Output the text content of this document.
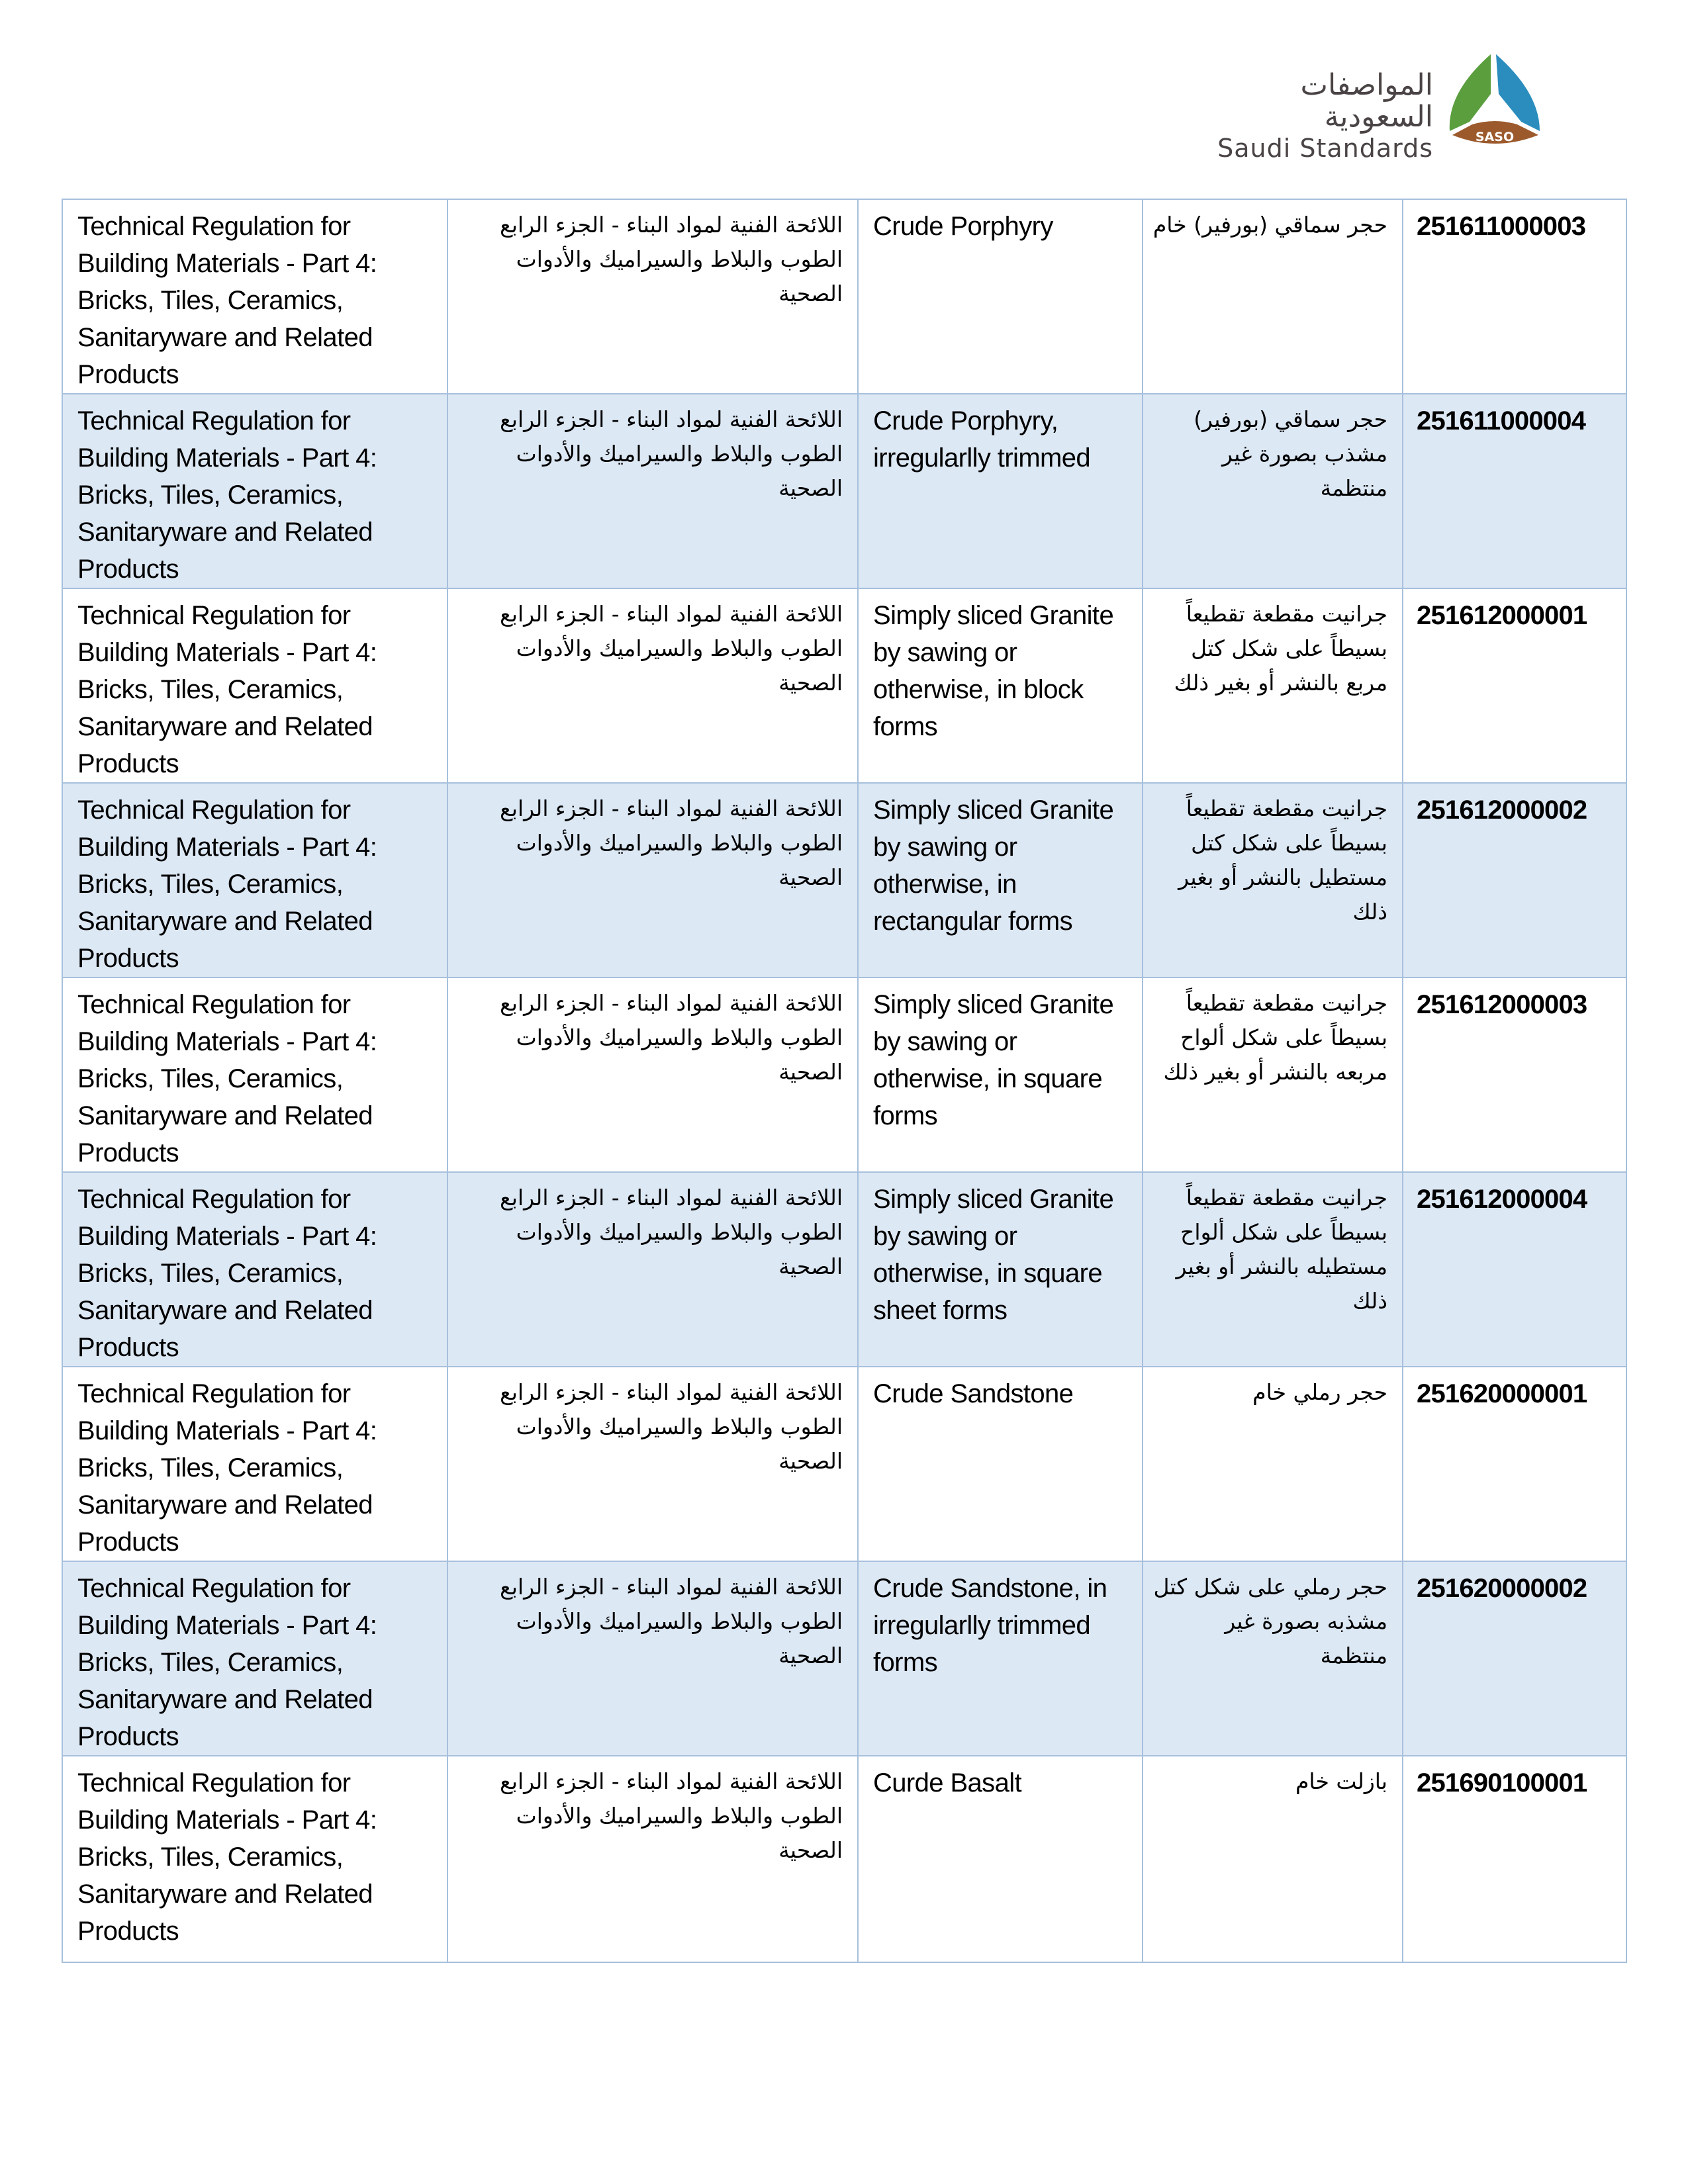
المواصفات السعودية
Saudi Standards	SASO
Technical Regulation for Building Materials - Part 4: Bricks, Tiles, Ceramics, Sanitaryware and Related Products	اللائحة الفنية لمواد البناء - الجزء الرابع الطوب والبلاط والسيراميك والأدوات الصحية	Crude Porphyry	حجر سماقي (بورفير) خام	251611000003
Technical Regulation for Building Materials - Part 4: Bricks, Tiles, Ceramics, Sanitaryware and Related Products	اللائحة الفنية لمواد البناء - الجزء الرابع الطوب والبلاط والسيراميك والأدوات الصحية	Crude Porphyry, irregularlly trimmed	حجر سماقي (بورفير) مشذب بصورة غير منتظمة	251611000004
Technical Regulation for Building Materials - Part 4: Bricks, Tiles, Ceramics, Sanitaryware and Related Products	اللائحة الفنية لمواد البناء - الجزء الرابع الطوب والبلاط والسيراميك والأدوات الصحية	Simply sliced Granite by sawing or otherwise, in block forms	جرانيت مقطعة تقطيعاً بسيطاً على شكل كتل مربع بالنشر أو بغير ذلك	251612000001
Technical Regulation for Building Materials - Part 4: Bricks, Tiles, Ceramics, Sanitaryware and Related Products	اللائحة الفنية لمواد البناء - الجزء الرابع الطوب والبلاط والسيراميك والأدوات الصحية	Simply sliced Granite by sawing or otherwise, in rectangular forms	جرانيت مقطعة تقطيعاً بسيطاً على شكل كتل مستطيل بالنشر أو بغير ذلك	251612000002
Technical Regulation for Building Materials - Part 4: Bricks, Tiles, Ceramics, Sanitaryware and Related Products	اللائحة الفنية لمواد البناء - الجزء الرابع الطوب والبلاط والسيراميك والأدوات الصحية	Simply sliced Granite by sawing or otherwise, in square forms	جرانيت مقطعة تقطيعاً بسيطاً على شكل ألواح مربعه بالنشر أو بغير ذلك	251612000003
Technical Regulation for Building Materials - Part 4: Bricks, Tiles, Ceramics, Sanitaryware and Related Products	اللائحة الفنية لمواد البناء - الجزء الرابع الطوب والبلاط والسيراميك والأدوات الصحية	Simply sliced Granite by sawing or otherwise, in square sheet forms	جرانيت مقطعة تقطيعاً بسيطاً على شكل ألواح مستطيله بالنشر أو بغير ذلك	251612000004
Technical Regulation for Building Materials - Part 4: Bricks, Tiles, Ceramics, Sanitaryware and Related Products	اللائحة الفنية لمواد البناء - الجزء الرابع الطوب والبلاط والسيراميك والأدوات الصحية	Crude Sandstone	حجر رملي خام	251620000001
Technical Regulation for Building Materials - Part 4: Bricks, Tiles, Ceramics, Sanitaryware and Related Products	اللائحة الفنية لمواد البناء - الجزء الرابع الطوب والبلاط والسيراميك والأدوات الصحية	Crude Sandstone, in irregularlly trimmed forms	حجر رملي على شكل كتل مشذبه بصورة غير منتظمة	251620000002
Technical Regulation for Building Materials - Part 4: Bricks, Tiles, Ceramics, Sanitaryware and Related Products	اللائحة الفنية لمواد البناء - الجزء الرابع الطوب والبلاط والسيراميك والأدوات الصحية	Curde Basalt	بازلت خام	251690100001
